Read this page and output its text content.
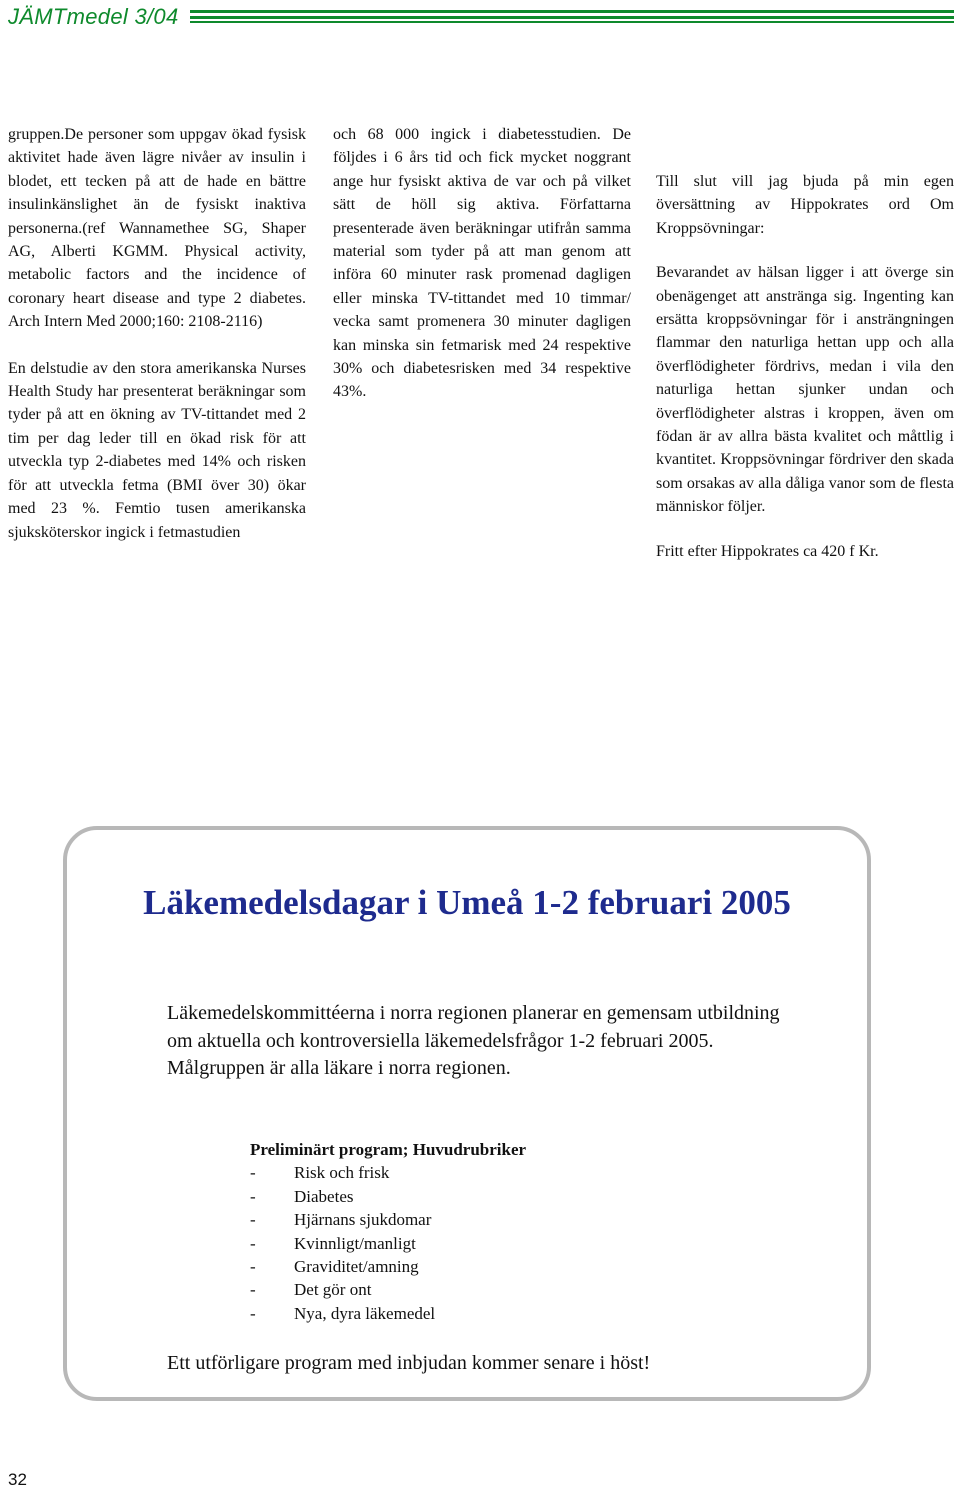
JÄMTmedel 3/04

gruppen.De personer som uppgav ökad fysisk aktivitet hade även lägre nivåer av insulin i blodet, ett tecken på att de hade en bättre insulinkänslighet än de fysiskt inaktiva personerna.(ref Wannamethee SG, Shaper AG, Alberti KGMM. Physical activity, metabolic factors and the incidence of coronary heart disease and type 2 diabetes. Arch Intern Med 2000;160: 2108-2116)

En delstudie av den stora amerikanska Nurses Health Study har presenterat beräkningar som tyder på att en ökning av TV-tittandet med 2 tim per dag leder till en ökad risk för att utveckla typ 2-diabetes med 14% och risken för att utveckla fetma (BMI över 30) ökar med 23 %. Femtio tusen amerikanska sjuksköterskor ingick i fetmastudien

och 68 000 ingick i diabetesstudien. De följdes i 6 års tid och fick mycket noggrant ange hur fysiskt aktiva de var och på vilket sätt de höll sig aktiva. Författarna presenterade även beräkningar utifrån samma material som tyder på att man genom att införa 60 minuter rask promenad dagligen eller minska TV-tittandet med 10 timmar/ vecka samt promenera 30 minuter dagligen kan minska sin fetmarisk med 24 respektive 30% och diabetesrisken med 34 respektive 43%.

Till slut vill jag bjuda på min egen översättning av Hippokrates ord Om Kroppsövningar:

Bevarandet av hälsan ligger i att överge sin obenägenget att anstränga sig. Ingenting kan ersätta kroppsövningar för i ansträngningen flammar den naturliga hettan upp och alla överflödigheter fördrivs, medan i vila den naturliga hettan sjunker undan och överflödigheter alstras i kroppen, även om födan är av allra bästa kvalitet och måttlig i kvantitet. Kroppsövningar fördriver den skada som orsakas av alla dåliga vanor som de flesta människor följer.

Fritt efter Hippokrates ca 420 f Kr.

Läkemedelsdagar i Umeå 1-2 februari 2005

Läkemedelskommittéerna i norra regionen planerar en gemensam utbildning om aktuella och kontroversiella läkemedelsfrågor 1-2 februari 2005.

Målgruppen är alla läkare i norra regionen.

Preliminärt program; Huvudrubriker
-	Risk och frisk
-	Diabetes
-	Hjärnans sjukdomar
-	Kvinnligt/manligt
-	Graviditet/amning
-	Det gör ont
-	Nya, dyra läkemedel
Ett utförligare program med inbjudan kommer senare i höst!
32
